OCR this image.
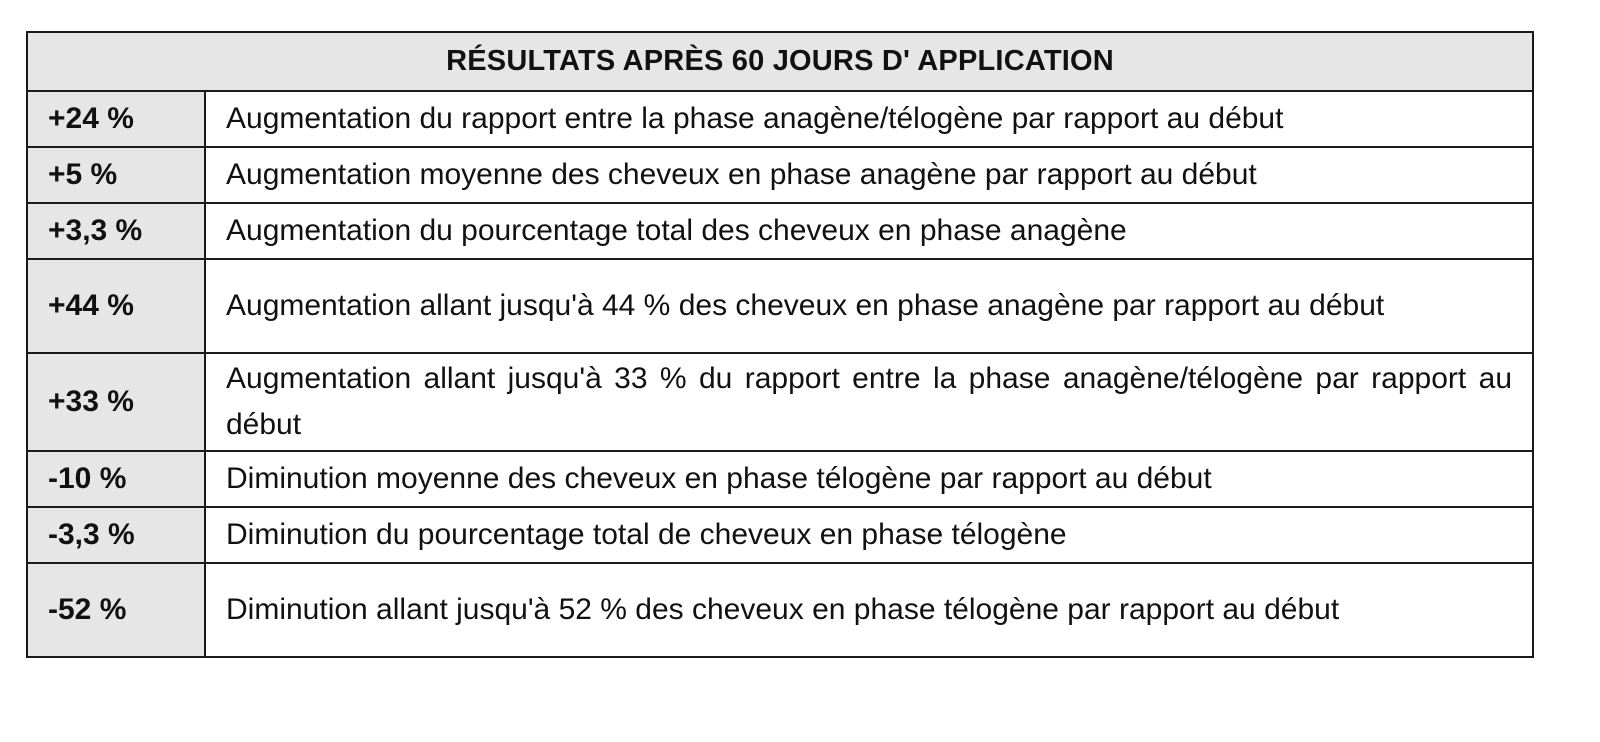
RÉSULTATS APRÈS 60 JOURS D' APPLICATION	
+24 %	Augmentation du rapport entre la phase anagène/télogène par rapport au début
+5 %	Augmentation moyenne des cheveux en phase anagène par rapport au début
+3,3 %	Augmentation du pourcentage total des cheveux en phase anagène
+44 %	Augmentation allant jusqu'à 44 % des cheveux en phase anagène par rapport au début
+33 %	Augmentation allant jusqu'à 33 % du rapport entre la phase anagène/télogène par rapport au début
-10 %	Diminution moyenne des cheveux en phase télogène par rapport au début
-3,3 %	Diminution du pourcentage total de cheveux en phase télogène
-52 %	Diminution allant jusqu'à 52 % des cheveux en phase télogène par rapport au début
